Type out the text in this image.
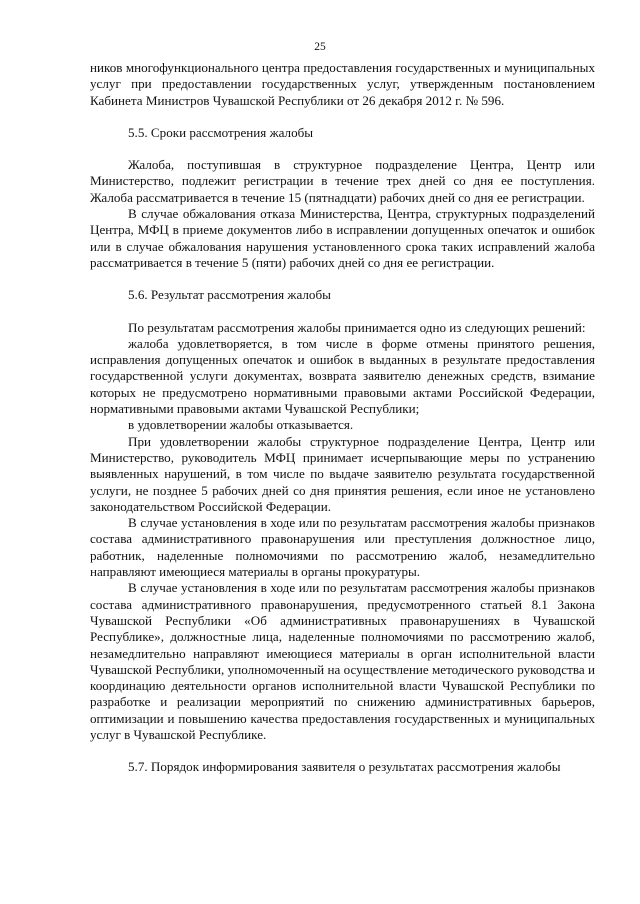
25

ников многофункционального центра предоставления государственных и муниципальных услуг при предоставлении государственных услуг, утвержденным постановлением Кабинета Министров Чувашской Республики от 26 декабря 2012 г. № 596.

5.5. Сроки рассмотрения жалобы

Жалоба, поступившая в структурное подразделение Центра, Центр или Министерство, подлежит регистрации в течение трех дней со дня ее поступления. Жалоба рассматривается в течение 15 (пятнадцати) рабочих дней со дня ее регистрации.

В случае обжалования отказа Министерства, Центра, структурных подразделений Центра, МФЦ в приеме документов либо в исправлении допущенных опечаток и ошибок или в случае обжалования нарушения установленного срока таких исправлений жалоба рассматривается в течение 5 (пяти) рабочих дней со дня ее регистрации.

5.6. Результат рассмотрения жалобы

По результатам рассмотрения жалобы принимается одно из следующих решений:

жалоба удовлетворяется, в том числе в форме отмены принятого решения, исправления допущенных опечаток и ошибок в выданных в результате предоставления государственной услуги документах, возврата заявителю денежных средств, взимание которых не предусмотрено нормативными правовыми актами Российской Федерации, нормативными правовыми актами Чувашской Республики;

в удовлетворении жалобы отказывается.

При удовлетворении жалобы структурное подразделение Центра, Центр или Министерство, руководитель МФЦ принимает исчерпывающие меры по устранению выявленных нарушений, в том числе по выдаче заявителю результата государственной услуги, не позднее 5 рабочих дней со дня принятия решения, если иное не установлено законодательством Российской Федерации.

В случае установления в ходе или по результатам рассмотрения жалобы признаков состава административного правонарушения или преступления должностное лицо, работник, наделенные полномочиями по рассмотрению жалоб, незамедлительно направляют имеющиеся материалы в органы прокуратуры.

В случае установления в ходе или по результатам рассмотрения жалобы признаков состава административного правонарушения, предусмотренного статьей 8.1 Закона Чувашской Республики «Об административных правонарушениях в Чувашской Республике», должностные лица, наделенные полномочиями по рассмотрению жалоб, незамедлительно направляют имеющиеся материалы в орган исполнительной власти Чувашской Республики, уполномоченный на осуществление методического руководства и координацию деятельности органов исполнительной власти Чувашской Республики по разработке и реализации мероприятий по снижению административных барьеров, оптимизации и повышению качества предоставления государственных и муниципальных услуг в Чувашской Республике.

5.7. Порядок информирования заявителя о результатах рассмотрения жалобы
